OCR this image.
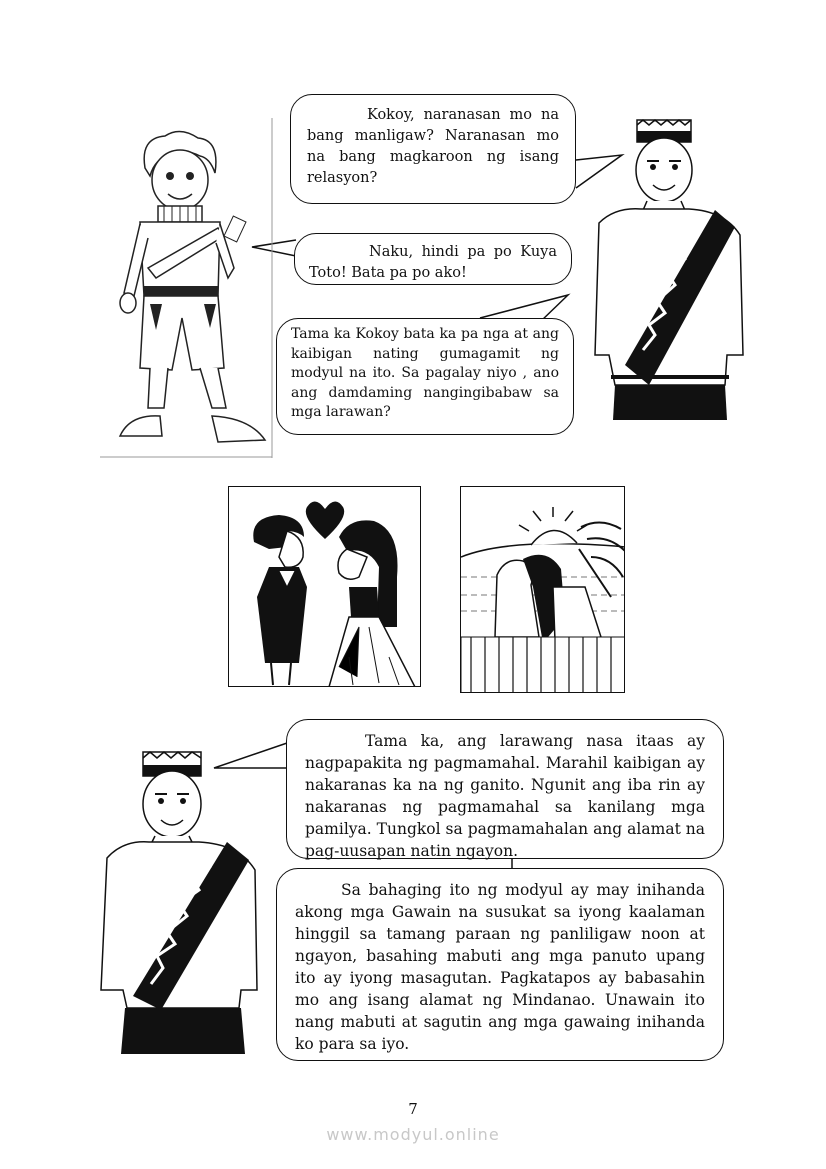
Kokoy, naranasan mo na bang manligaw? Naranasan mo na bang magkaroon ng isang relasyon?

Naku, hindi pa po Kuya Toto! Bata pa po ako!

Tama ka Kokoy bata ka pa nga at ang kaibigan nating gumagamit ng modyul na ito. Sa pagalay niyo , ano ang damdaming nangingibabaw sa mga larawan?

Tama ka, ang larawang nasa itaas ay nagpapakita ng pagmamahal. Marahil kaibigan ay nakaranas ka na ng ganito. Ngunit ang iba rin ay nakaranas ng pagmamahal sa kanilang mga pamilya. Tungkol sa pagmamahalan ang alamat na pag-uusapan natin ngayon.

Sa bahaging ito ng modyul ay may inihanda akong mga Gawain na susukat sa iyong kaalaman hinggil sa tamang paraan ng panliligaw noon at ngayon, basahing mabuti ang mga panuto upang ito ay iyong masagutan. Pagkatapos ay babasahin mo ang isang alamat ng Mindanao. Unawain ito nang mabuti at sagutin ang mga gawaing inihanda ko para sa iyo.

7
www.modyul.online
